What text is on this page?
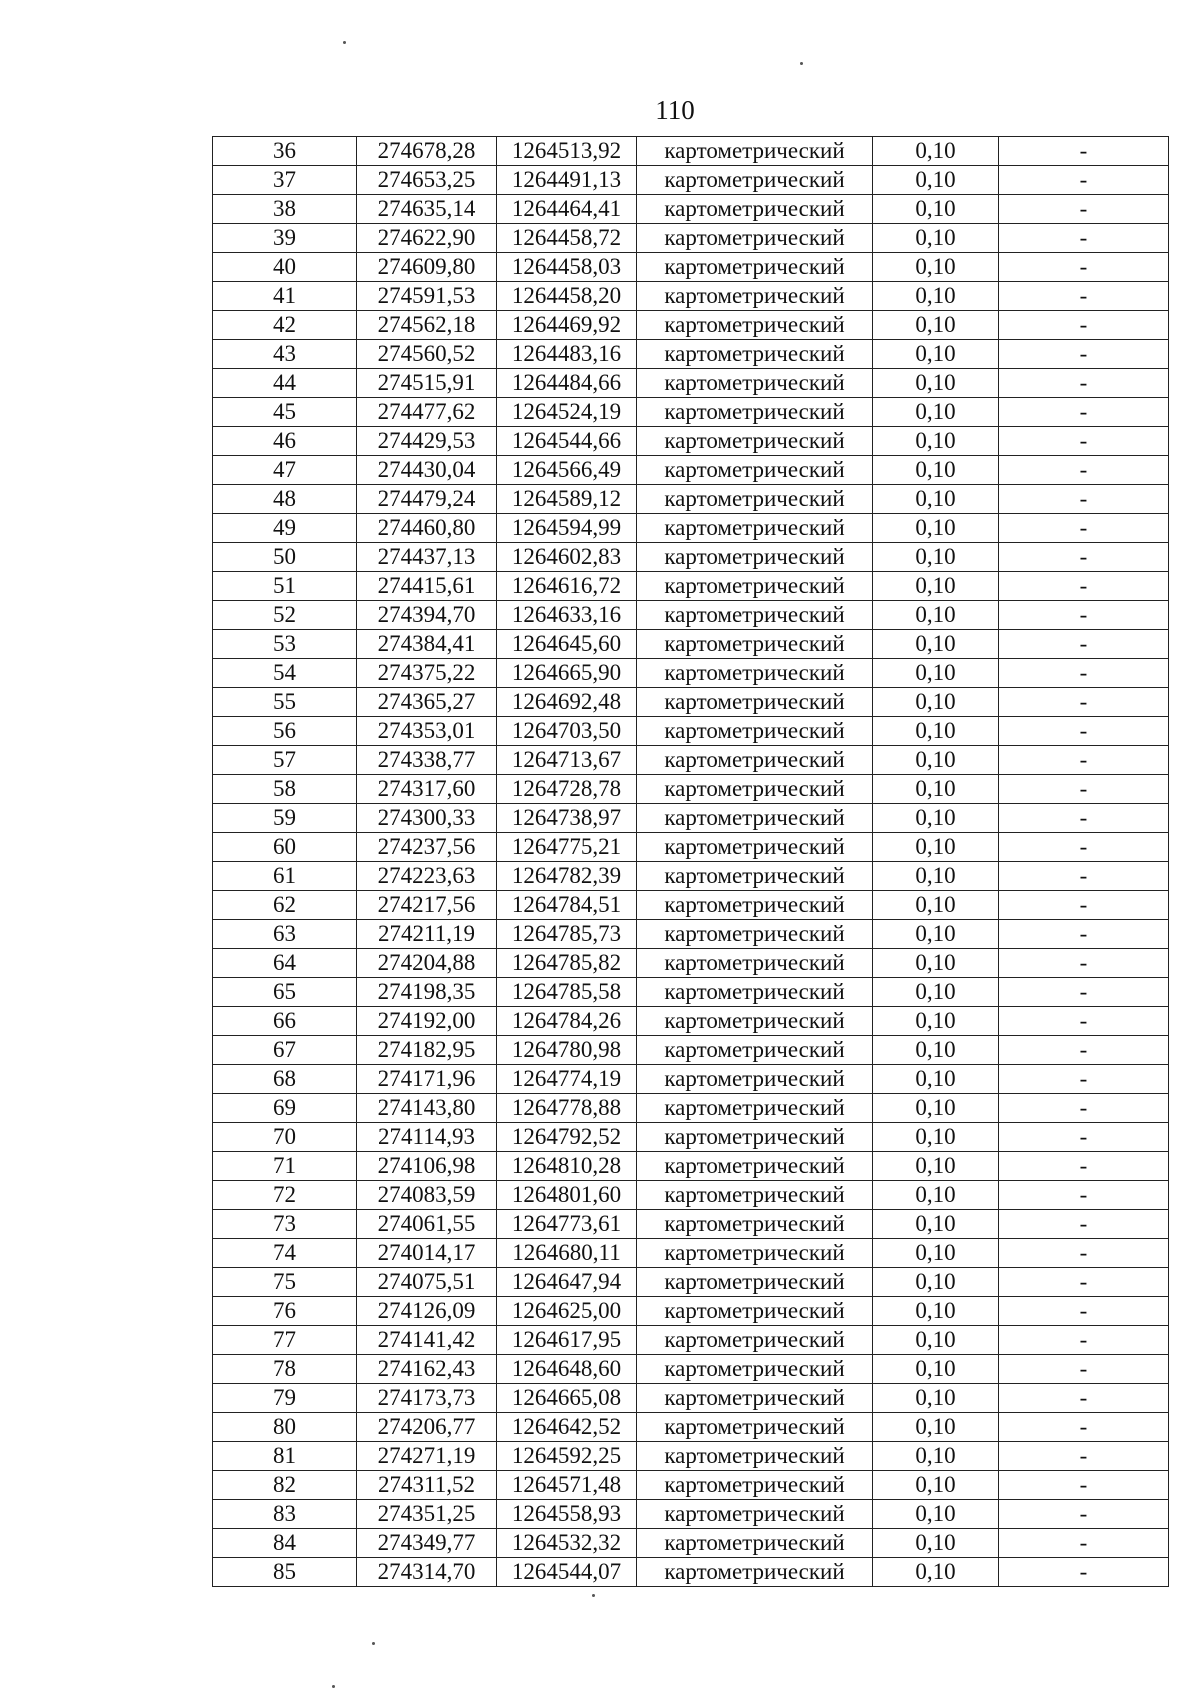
110
36	274678,28	1264513,92	картометрический	0,10	-
37	274653,25	1264491,13	картометрический	0,10	-
38	274635,14	1264464,41	картометрический	0,10	-
39	274622,90	1264458,72	картометрический	0,10	-
40	274609,80	1264458,03	картометрический	0,10	-
41	274591,53	1264458,20	картометрический	0,10	-
42	274562,18	1264469,92	картометрический	0,10	-
43	274560,52	1264483,16	картометрический	0,10	-
44	274515,91	1264484,66	картометрический	0,10	-
45	274477,62	1264524,19	картометрический	0,10	-
46	274429,53	1264544,66	картометрический	0,10	-
47	274430,04	1264566,49	картометрический	0,10	-
48	274479,24	1264589,12	картометрический	0,10	-
49	274460,80	1264594,99	картометрический	0,10	-
50	274437,13	1264602,83	картометрический	0,10	-
51	274415,61	1264616,72	картометрический	0,10	-
52	274394,70	1264633,16	картометрический	0,10	-
53	274384,41	1264645,60	картометрический	0,10	-
54	274375,22	1264665,90	картометрический	0,10	-
55	274365,27	1264692,48	картометрический	0,10	-
56	274353,01	1264703,50	картометрический	0,10	-
57	274338,77	1264713,67	картометрический	0,10	-
58	274317,60	1264728,78	картометрический	0,10	-
59	274300,33	1264738,97	картометрический	0,10	-
60	274237,56	1264775,21	картометрический	0,10	-
61	274223,63	1264782,39	картометрический	0,10	-
62	274217,56	1264784,51	картометрический	0,10	-
63	274211,19	1264785,73	картометрический	0,10	-
64	274204,88	1264785,82	картометрический	0,10	-
65	274198,35	1264785,58	картометрический	0,10	-
66	274192,00	1264784,26	картометрический	0,10	-
67	274182,95	1264780,98	картометрический	0,10	-
68	274171,96	1264774,19	картометрический	0,10	-
69	274143,80	1264778,88	картометрический	0,10	-
70	274114,93	1264792,52	картометрический	0,10	-
71	274106,98	1264810,28	картометрический	0,10	-
72	274083,59	1264801,60	картометрический	0,10	-
73	274061,55	1264773,61	картометрический	0,10	-
74	274014,17	1264680,11	картометрический	0,10	-
75	274075,51	1264647,94	картометрический	0,10	-
76	274126,09	1264625,00	картометрический	0,10	-
77	274141,42	1264617,95	картометрический	0,10	-
78	274162,43	1264648,60	картометрический	0,10	-
79	274173,73	1264665,08	картометрический	0,10	-
80	274206,77	1264642,52	картометрический	0,10	-
81	274271,19	1264592,25	картометрический	0,10	-
82	274311,52	1264571,48	картометрический	0,10	-
83	274351,25	1264558,93	картометрический	0,10	-
84	274349,77	1264532,32	картометрический	0,10	-
85	274314,70	1264544,07	картометрический	0,10	-
